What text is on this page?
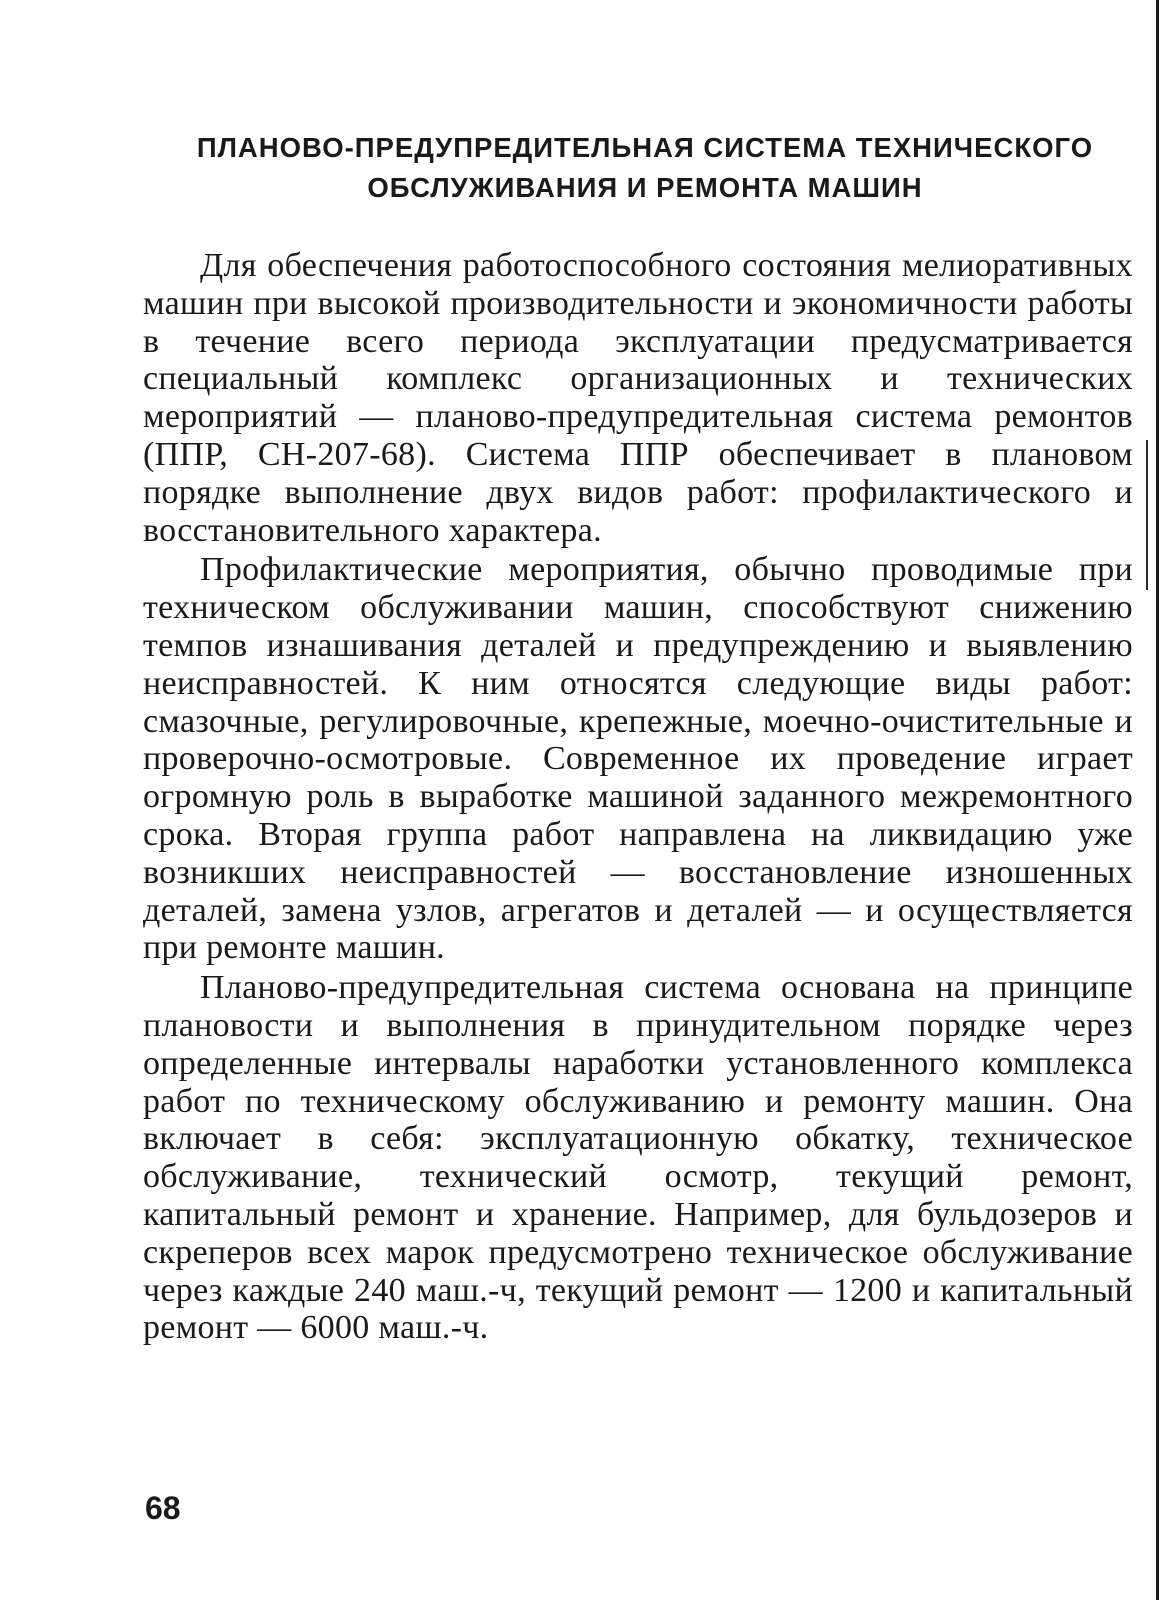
ПЛАНОВО-ПРЕДУПРЕДИТЕЛЬНАЯ СИСТЕМА ТЕХНИЧЕСКОГО
ОБСЛУЖИВАНИЯ И РЕМОНТА МАШИН

Для обеспечения работоспособного состояния мелиоративных машин при высокой производительности и экономичности работы в течение всего периода эксплуатации предусматривается специальный комплекс организационных и технических мероприятий — планово-предупредительная система ремонтов (ППР, СН-207-68). Система ППР обеспечивает в плановом порядке выполнение двух видов работ: профилактического и восстановительного характера.

Профилактические мероприятия, обычно проводимые при техническом обслуживании машин, способствуют снижению темпов изнашивания деталей и предупреждению и выявлению неисправностей. К ним относятся следующие виды работ: смазочные, регулировочные, крепежные, моечно-очистительные и проверочно-осмотровые. Современное их проведение играет огромную роль в выработке машиной заданного межремонтного срока. Вторая группа работ направлена на ликвидацию уже возникших неисправностей — восстановление изношенных деталей, замена узлов, агрегатов и деталей — и осуществляется при ремонте машин.

Планово-предупредительная система основана на принципе плановости и выполнения в принудительном порядке через определенные интервалы наработки установленного комплекса работ по техническому обслуживанию и ремонту машин. Она включает в себя: эксплуатационную обкатку, техническое обслуживание, технический осмотр, текущий ремонт, капитальный ремонт и хранение. Например, для бульдозеров и скреперов всех марок предусмотрено техническое обслуживание через каждые 240 маш.-ч, текущий ремонт — 1200 и капитальный ремонт — 6000 маш.-ч.

68
